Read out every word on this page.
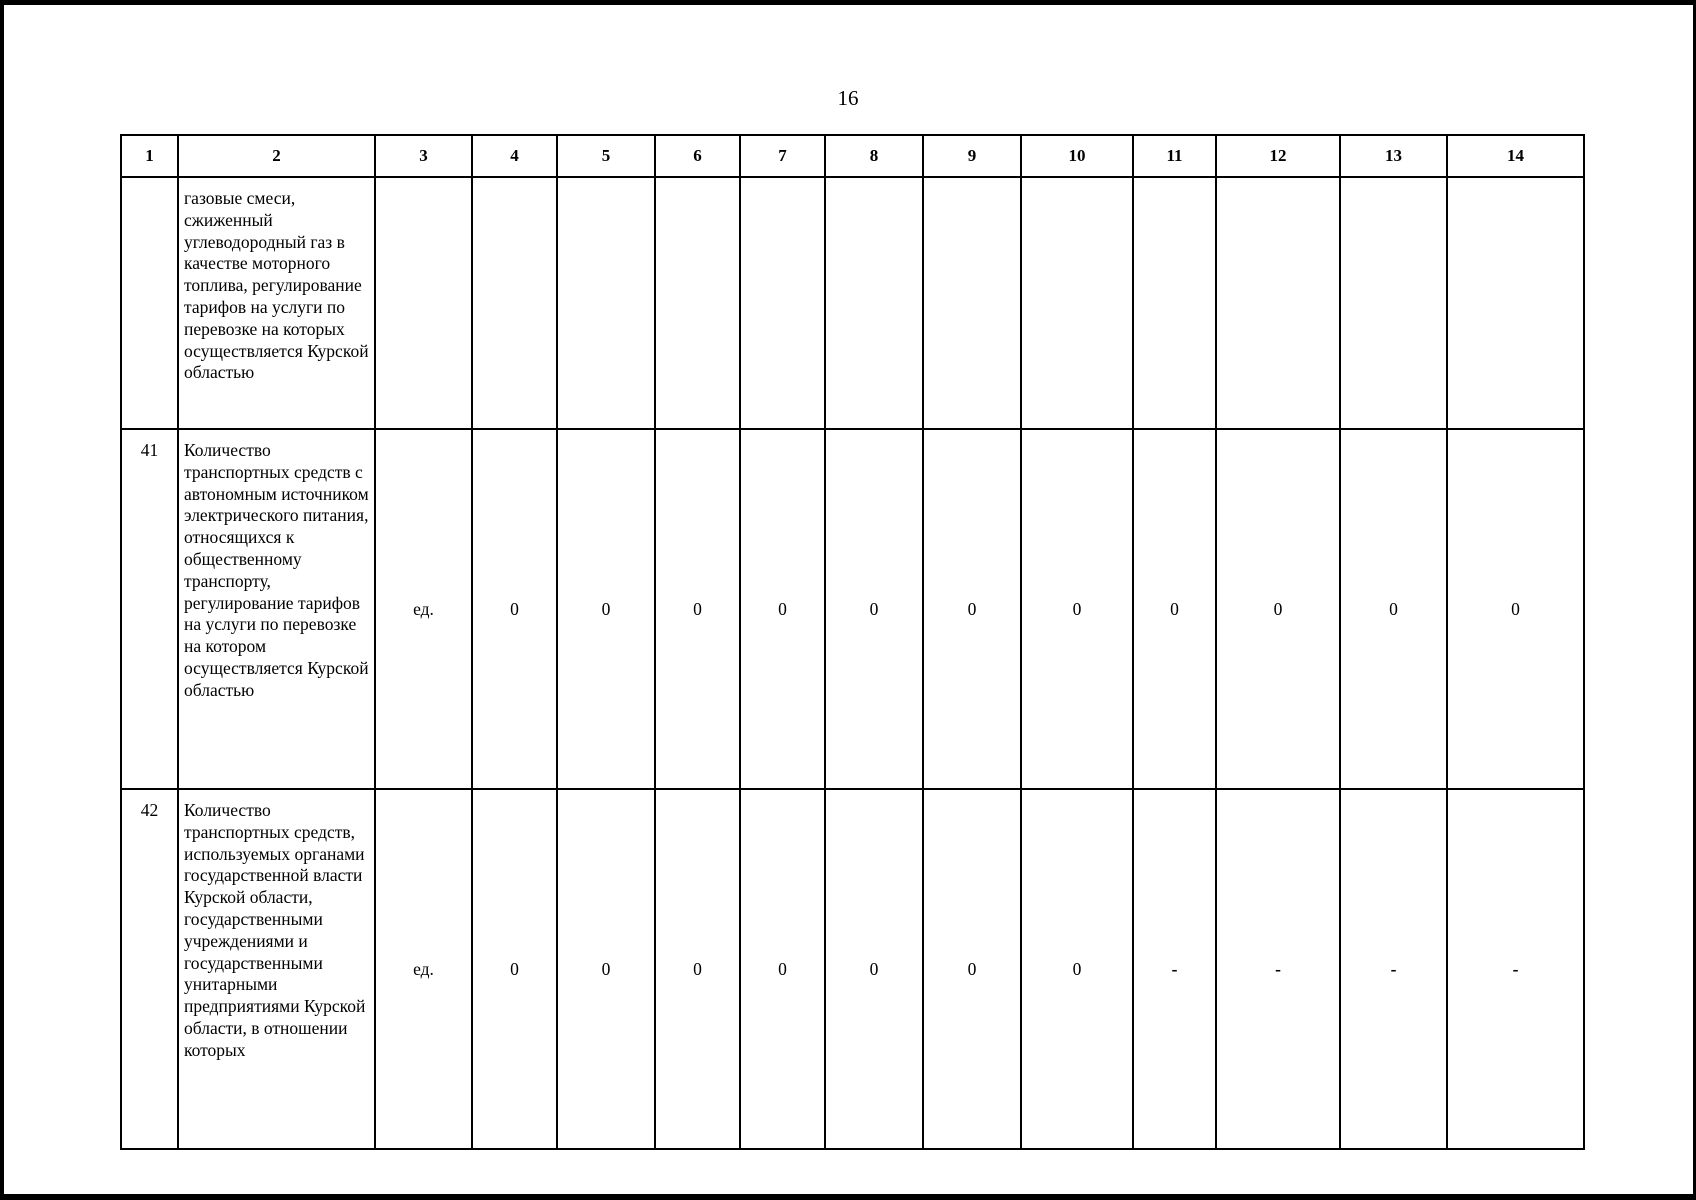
16
1	2	3	4	5	6	7	8	9	10	11	12	13	14
	газовые смеси, сжиженный углеводородный газ в качестве моторного топлива, регулирование тарифов на услуги по перевозке на которых осуществляется Курской областью												
41	Количество транспортных средств с автономным источником электрического питания, относящихся к общественному транспорту, регулирование тарифов на услуги по перевозке на котором осуществляется Курской областью	ед.	0	0	0	0	0	0	0	0	0	0	0
42	Количество транспортных средств, используемых органами государственной власти Курской области, государственными учреждениями и государственными унитарными предприятиями Курской области, в отношении которых	ед.	0	0	0	0	0	0	0	-	-	-	-
